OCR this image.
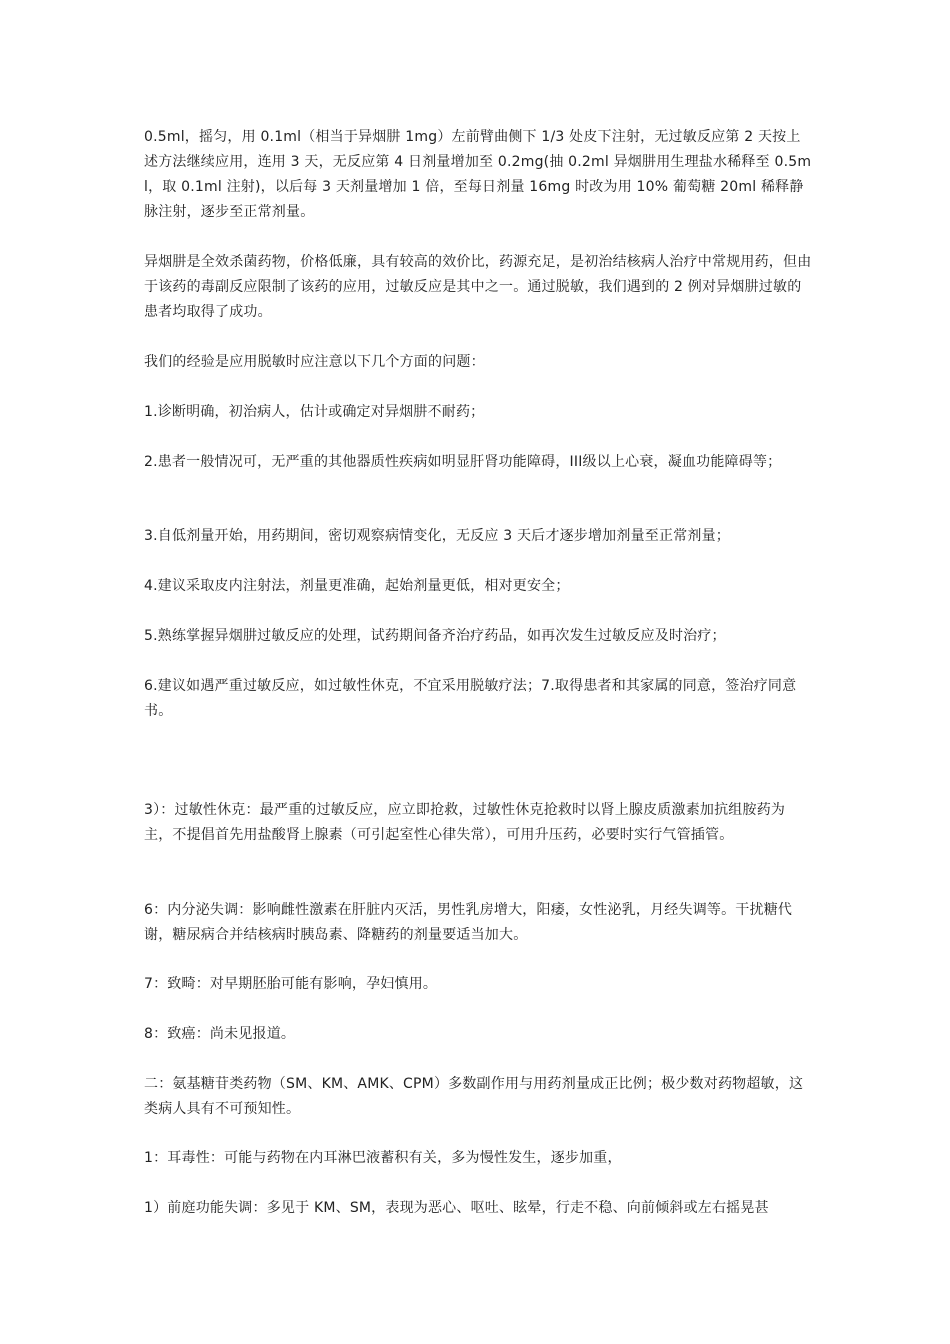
0.5ml，摇匀，用 0.1ml（相当于异烟肼 1mg）左前臂曲侧下 1/3 处皮下注射，无过敏反应第 2 天按上述方法继续应用，连用 3 天，无反应第 4 日剂量增加至 0.2mg(抽 0.2ml 异烟肼用生理盐水稀释至 0.5ml，取 0.1ml 注射)，以后每 3 天剂量增加 1 倍，至每日剂量 16mg 时改为用 10% 葡萄糖 20ml 稀释静脉注射，逐步至正常剂量。

异烟肼是全效杀菌药物，价格低廉，具有较高的效价比，药源充足，是初治结核病人治疗中常规用药，但由于该药的毒副反应限制了该药的应用，过敏反应是其中之一。通过脱敏，我们遇到的 2 例对异烟肼过敏的患者均取得了成功。

我们的经验是应用脱敏时应注意以下几个方面的问题：

1.诊断明确，初治病人，估计或确定对异烟肼不耐药；

2.患者一般情况可，无严重的其他器质性疾病如明显肝肾功能障碍，III级以上心衰，凝血功能障碍等；

3.自低剂量开始，用药期间，密切观察病情变化，无反应 3 天后才逐步增加剂量至正常剂量；

4.建议采取皮内注射法，剂量更准确，起始剂量更低，相对更安全；

5.熟练掌握异烟肼过敏反应的处理，试药期间备齐治疗药品，如再次发生过敏反应及时治疗；

6.建议如遇严重过敏反应，如过敏性休克，不宜采用脱敏疗法；7.取得患者和其家属的同意，签治疗同意书。

3）：过敏性休克：最严重的过敏反应，应立即抢救，过敏性休克抢救时以肾上腺皮质激素加抗组胺药为主，不提倡首先用盐酸肾上腺素（可引起室性心律失常），可用升压药，必要时实行气管插管。

6：内分泌失调：影响雌性激素在肝脏内灭活，男性乳房增大，阳痿，女性泌乳，月经失调等。干扰糖代谢，糖尿病合并结核病时胰岛素、降糖药的剂量要适当加大。

7：致畸：对早期胚胎可能有影响，孕妇慎用。

8：致癌：尚未见报道。

二：氨基糖苷类药物（SM、KM、AMK、CPM）多数副作用与用药剂量成正比例；极少数对药物超敏，这类病人具有不可预知性。

1：耳毒性：可能与药物在内耳淋巴液蓄积有关，多为慢性发生，逐步加重，

1）前庭功能失调：多见于 KM、SM，表现为恶心、呕吐、眩晕，行走不稳、向前倾斜或左右摇晃甚
